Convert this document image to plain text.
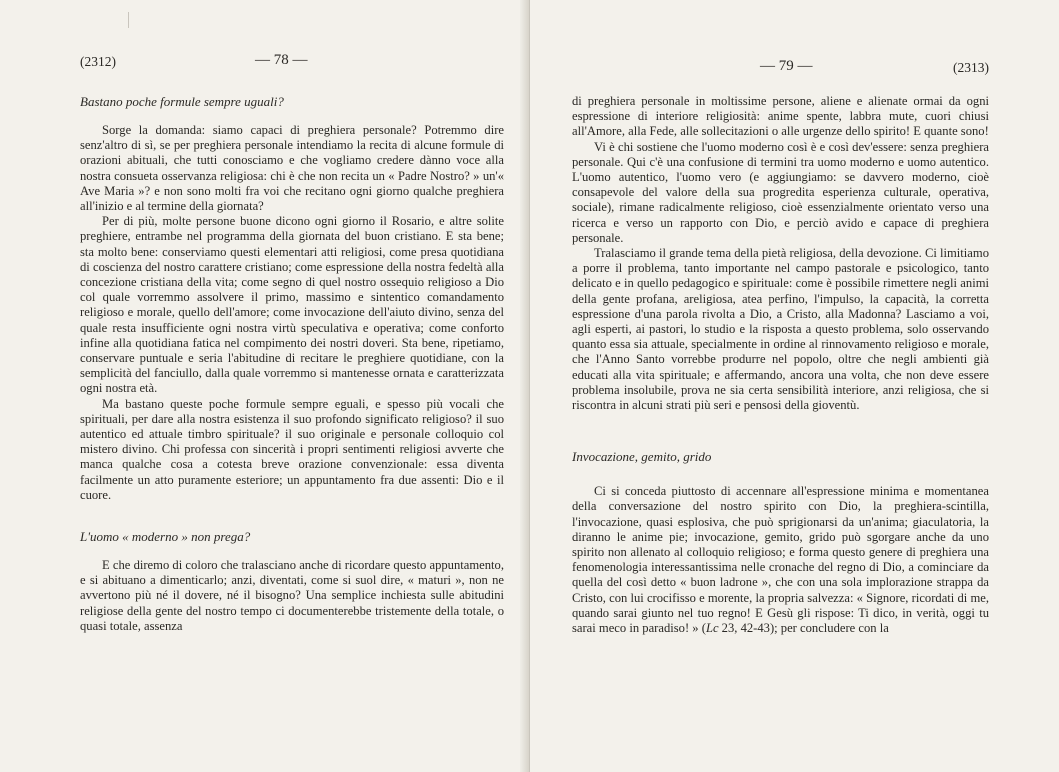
(2312)	— 78 —
Bastano poche formule sempre uguali?

Sorge la domanda: siamo capaci di preghiera personale? Potremmo dire senz'altro di sì, se per preghiera personale intendiamo la recita di alcune formule di orazioni abituali, che tutti conosciamo e che vogliamo credere dànno voce alla nostra consueta osservanza religiosa: chi è che non recita un « Padre Nostro? » un'« Ave Maria »? e non sono molti fra voi che recitano ogni giorno qualche preghiera all'inizio e al termine della giornata?

Per di più, molte persone buone dicono ogni giorno il Rosario, e altre solite preghiere, entrambe nel programma della giornata del buon cristiano. E sta bene; sta molto bene: conserviamo questi elementari atti religiosi, come presa quotidiana di coscienza del nostro carattere cristiano; come espressione della nostra fedeltà alla concezione cristiana della vita; come segno di quel nostro ossequio religioso a Dio col quale vorremmo assolvere il primo, massimo e sintentico comandamento religioso e morale, quello dell'amore; come invocazione dell'aiuto divino, senza del quale resta insufficiente ogni nostra virtù speculativa e operativa; come conforto infine alla quotidiana fatica nel compimento dei nostri doveri. Sta bene, ripetiamo, conservare puntuale e seria l'abitudine di recitare le preghiere quotidiane, con la semplicità del fanciullo, dalla quale vorremmo si mantenesse ornata e caratterizzata ogni nostra età.

Ma bastano queste poche formule sempre eguali, e spesso più vocali che spirituali, per dare alla nostra esistenza il suo profondo significato religioso? il suo autentico ed attuale timbro spirituale? il suo originale e personale colloquio col mistero divino. Chi professa con sincerità i propri sentimenti religiosi avverte che manca qualche cosa a cotesta breve orazione convenzionale: essa diventa facilmente un atto puramente esteriore; un appuntamento fra due assenti: Dio e il cuore.

L'uomo « moderno » non prega?

E che diremo di coloro che tralasciano anche di ricordare questo appuntamento, e si abituano a dimenticarlo; anzi, diventati, come si suol dire, « maturi », non ne avvertono più né il dovere, né il bisogno? Una semplice inchiesta sulle abitudini religiose della gente del nostro tempo ci documenterebbe tristemente della totale, o quasi totale, assenza

— 79 —	(2313)

di preghiera personale in moltissime persone, aliene e alienate ormai da ogni espressione di interiore religiosità: anime spente, labbra mute, cuori chiusi all'Amore, alla Fede, alle sollecitazioni o alle urgenze dello spirito! E quante sono!

Vi è chi sostiene che l'uomo moderno così è e così dev'essere: senza preghiera personale. Qui c'è una confusione di termini tra uomo moderno e uomo autentico. L'uomo autentico, l'uomo vero (e aggiungiamo: se davvero moderno, cioè consapevole del valore della sua progredita esperienza culturale, operativa, sociale), rimane radicalmente religioso, cioè essenzialmente orientato verso una ricerca e verso un rapporto con Dio, e perciò avido e capace di preghiera personale.

Tralasciamo il grande tema della pietà religiosa, della devozione. Ci limitiamo a porre il problema, tanto importante nel campo pastorale e psicologico, tanto delicato e in quello pedagogico e spirituale: come è possibile rimettere negli animi della gente profana, areligiosa, atea perfino, l'impulso, la capacità, la corretta espressione d'una parola rivolta a Dio, a Cristo, alla Madonna? Lasciamo a voi, agli esperti, ai pastori, lo studio e la risposta a questo problema, solo osservando quanto essa sia attuale, specialmente in ordine al rinnovamento religioso e morale, che l'Anno Santo vorrebbe produrre nel popolo, oltre che negli ambienti già educati alla vita spirituale; e affermando, ancora una volta, che non deve essere problema insolubile, prova ne sia certa sensibilità interiore, anzi religiosa, che si riscontra in alcuni strati più seri e pensosi della gioventù.

Invocazione, gemito, grido

Ci si conceda piuttosto di accennare all'espressione minima e momentanea della conversazione del nostro spirito con Dio, la preghiera-scintilla, l'invocazione, quasi esplosiva, che può sprigionarsi da un'anima; giaculatoria, la diranno le anime pie; invocazione, gemito, grido può sgorgare anche da uno spirito non allenato al colloquio religioso; e forma questo genere di preghiera una fenomenologia interessantissima nelle cronache del regno di Dio, a cominciare da quella del così detto « buon ladrone », che con una sola implorazione strappa da Cristo, con lui crocifisso e morente, la propria salvezza: « Signore, ricordati di me, quando sarai giunto nel tuo regno! E Gesù gli rispose: Ti dico, in verità, oggi tu sarai meco in paradiso! » (Lc 23, 42-43); per concludere con la
